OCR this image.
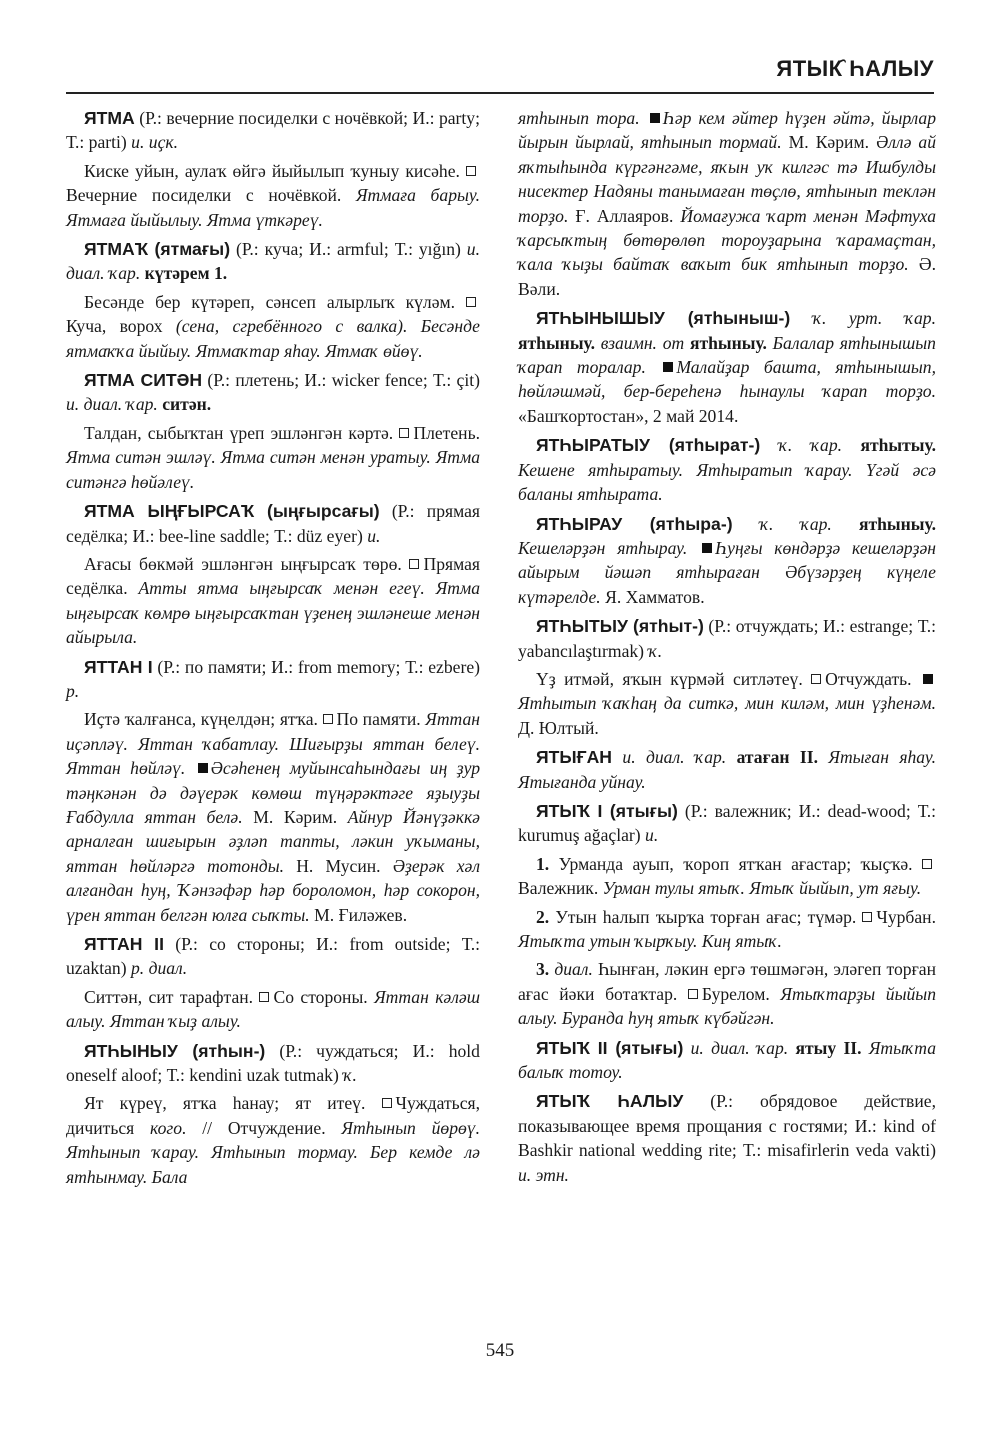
ЯТЫК҄ ҺАЛЫУ

ЯТМА (Р.: вечерние посиделки с ночёвкой; И.: party; Т.: parti) и. иҫк.

Киске уйын, аулаҡ өйгә йыйылып ҡуныу кисәһе. Вечерние посиделки с ночёвкой. Ятмаға барыу. Ятмаға йыйылыу. Ятма үткәреү.

ЯТМАҠ (ятмағы) (Р.: куча; И.: armful; Т.: yığın) и. диал. ҡар. күтәрем 1.

Бесәнде бер күтәреп, сәнсеп алырлыҡ күләм. Куча, ворох (сена, сгребённого с валка). Бесәнде ятмаҡҡа йыйыу. Ятмаҡтар яһау. Ятмаҡ өйөү.

ЯТМА СИТӘН (Р.: плетень; И.: wicker fence; Т.: çit) и. диал. ҡар. ситән.

Талдан, сыбыҡтан үреп эшләнгән кәртә. Плетень. Ятма ситән эшләү. Ятма ситән менән уратыу. Ятма ситәнгә һөйәлеү.

ЯТМА ЫҢҒЫРСАҠ (ыңғырсағы) (Р.: прямая седёлка; И.: bee-line saddle; Т.: düz eyer) и.

Ағасы бөкмәй эшләнгән ыңғырсаҡ төрө. Прямая седёлка. Атты ятма ыңғырсаҡ менән егеү. Ятма ыңғырсаҡ көмрө ыңғырсаҡтан үҙенең эшләнеше менән айырыла.

ЯТТАН I (Р.: по памяти; И.: from memory; Т.: ezbere) р.

Иҫтә ҡалғанса, күңелдән; ятҡа. По памяти. Яттан иҫәпләү. Яттан ҡабатлау. Шиғырҙы яттан белеү. Яттан һөйләү. Әсәһенең муйынсаһындағы иң ҙур тәңкәнән дә дәүерәк көмөш түңәрәктәге яҙыуҙы Ғабдулла яттан белә. М. Кәрим. Айнур Йәнүҙәккә арналған шиғырын әҙләп тапты, ләкин уҡыманы, яттан һөйләргә тотонды. Н. Мусин. Әҙерәк хәл алғандан һуң, Ҡәнзәфәр һәр бороломон, һәр сокорон, үрен яттан белгән юлға сыҡты. М. Ғиләжев.

ЯТТАН II (Р.: со стороны; И.: from outside; Т.: uzaktan) р. диал.

Ситтән, сит тарафтан. Со стороны. Яттан кәләш алыу. Яттан ҡыҙ алыу.

ЯТҺЫНЫУ (ятһын-) (Р.: чуждаться; И.: hold oneself aloof; Т.: kendini uzak tutmak) ҡ.

Ят күреү, ятҡа һанау; ят итеү. Чуждаться, дичиться кого. // Отчуждение. Ятһынып йөрөү. Ятһынып ҡарау. Ятһынып тормау. Бер кемде лә ятһынмау. Бала

ятһынып тора. Һәр кем әйтер һүҙен әйтә, йырлар йырын йырлай, ятһынып тормай. М. Кәрим. Әллә ай яҡтыһында күргәнгәме, яҡын уҡ килгәс тә Ишбулды нисектер Надяны танымаған төҫлө, ятһынып теклән торҙо. Ғ. Аллаяров. Йомағужа ҡарт менән Мәфтуха ҡарсыҡтың бөтөрөлөп тороуҙарына ҡарамаҫтан, ҡала ҡыҙы байтаҡ ваҡыт бик ятһынып торҙо. Ә. Вәли.

ЯТҺЫНЫШЫУ (ятһыныш-) ҡ. урт. ҡар. ятһыныу. взаимн. от ятһыныу. Балалар ятһынышып ҡарап торалар. Малайҙар башта, ятһынышып, һөйләшмәй, бер-береһенә һынаулы ҡарап торҙо. «Башҡортостан», 2 май 2014.

ЯТҺЫРАТЫУ (ятһырат-) ҡ. ҡар. ятһытыу. Кешене ятһыратыу. Ятһыратып ҡарау. Үгәй әсә баланы ятһырата.

ЯТҺЫРАУ (ятһыра-) ҡ. ҡар. ятһыныу. Кешеләрҙән ятһырау. Һуңғы көндәрҙә кешеләрҙән айырым йәшәп ятһыраған Әбүзәрҙең күңеле күтәрелде. Я. Хамматов.

ЯТҺЫТЫУ (ятһыт-) (Р.: отчуждать; И.: estrange; Т.: yabancılaştırmak) ҡ.

Үҙ итмәй, яҡын күрмәй ситләтеү. Отчуждать. Ятһытып ҡаҡһаң да ситкә, мин киләм, мин үҙһенәм. Д. Юлтый.

ЯТЫҒАН и. диал. ҡар. атаған II. Ятыған яһау. Ятығанда уйнау.

ЯТЫҠ I (ятығы) (Р.: валежник; И.: dead-wood; Т.: kurumuş ağaçlar) и.

1. Урманда ауып, ҡороп ятҡан ағастар; ҡыҫҡә. Валежник. Урман тулы ятыҡ. Ятыҡ йыйып, ут яғыу.

2. Утын һалып ҡырҡа торған ағас; түмәр. Чурбан. Ятыҡта утын ҡырҡыу. Киң ятыҡ.

3. диал. Һынған, ләкин ергә төшмәгән, эләгеп торған ағас йәки ботаҡтар. Бурелом. Ятыҡтарҙы йыйып алыу. Буранда һуң ятыҡ күбәйгән.

ЯТЫҠ II (ятығы) и. диал. ҡар. ятыу II. Ятыҡта балыҡ тотоу.

ЯТЫҠ ҺАЛЫУ (Р.: обрядовое действие, показывающее время прощания с гостями; И.: kind of Bashkir national wedding rite; Т.: misafirlerin veda vakti) и. этн.

545
